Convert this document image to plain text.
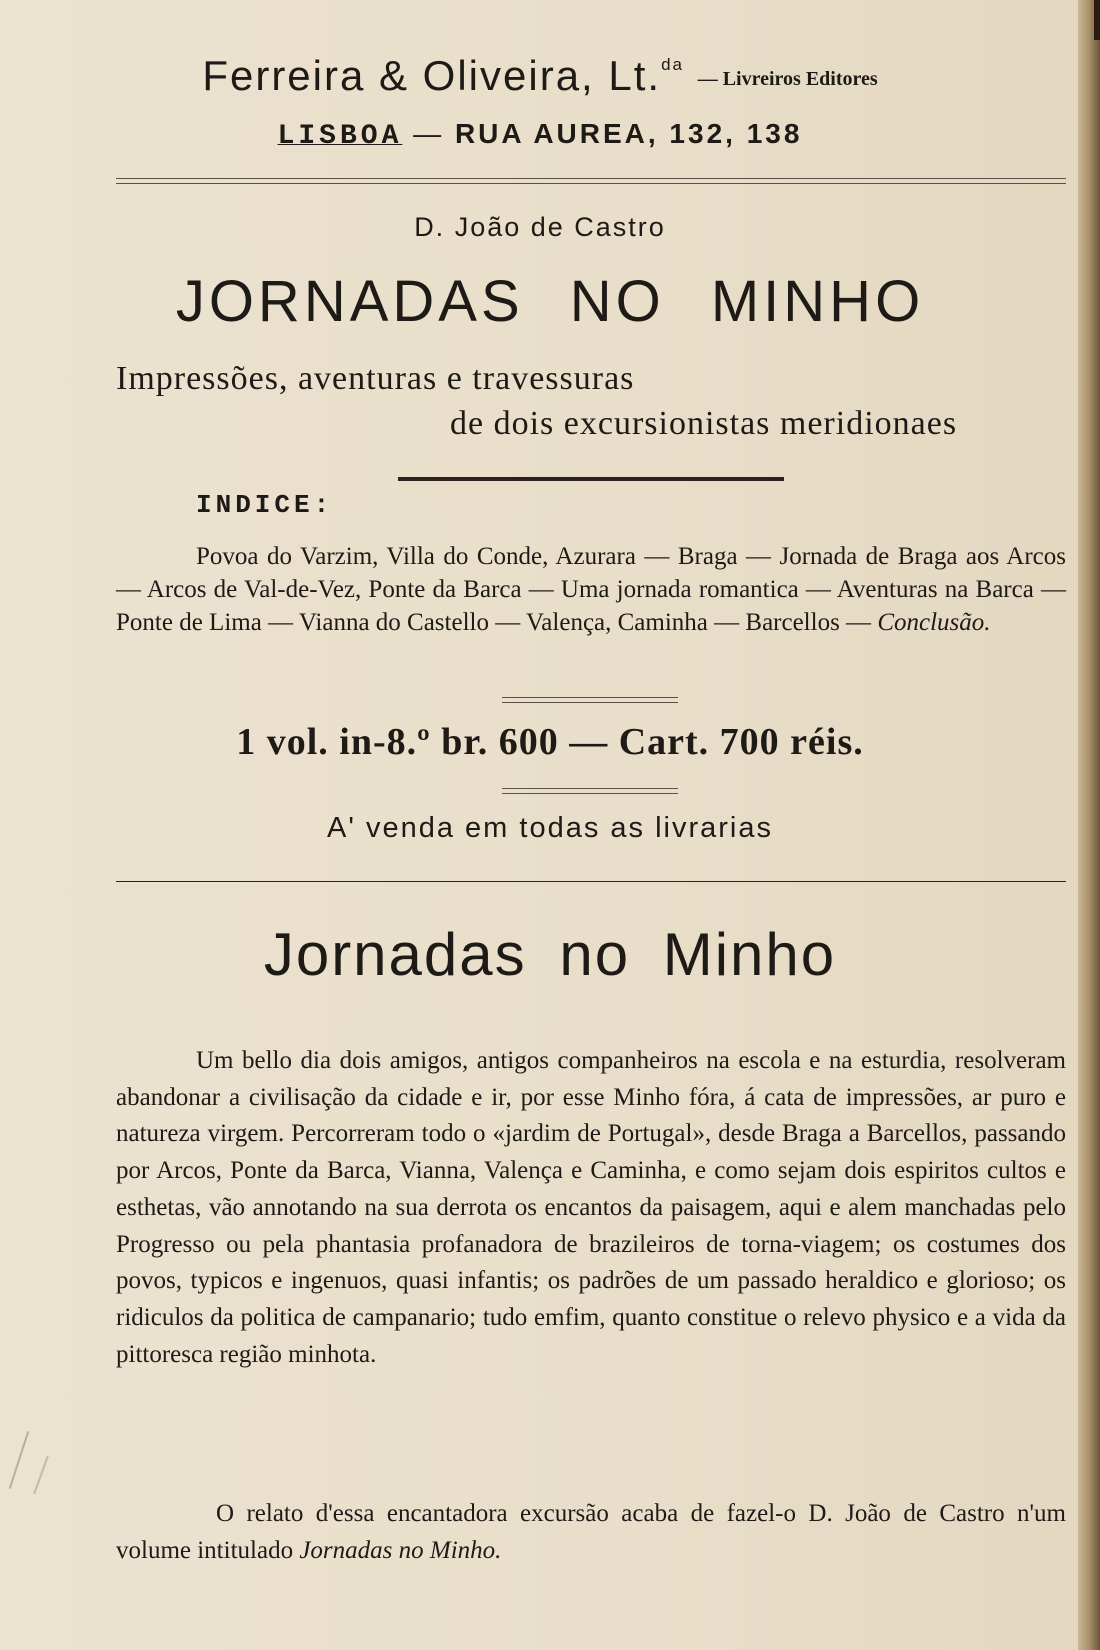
Ferreira & Oliveira, Lt.$^{da}$ — Livreiros Editores
LISBOA — RUA AUREA, 132, 138
D. João de Castro
JORNADAS NO MINHO
Impressões, aventuras e travessuras
de dois excursionistas meridionaes
INDICE:
Povoa do Varzim, Villa do Conde, Azurara — Braga — Jornada de Braga aos Arcos — Arcos de Val-de-Vez, Ponte da Barca — Uma jornada romantica — Aventuras na Barca — Ponte de Lima — Vianna do Castello — Valença, Caminha — Barcellos — Conclusão.
1 vol. in-8.º br. 600 — Cart. 700 réis.
A' venda em todas as livrarias
Jornadas no Minho
Um bello dia dois amigos, antigos companheiros na escola e na esturdia, resolveram abandonar a civilisação da cidade e ir, por esse Minho fóra, á cata de impressões, ar puro e natureza virgem. Percorreram todo o «jardim de Portugal», desde Braga a Barcellos, passando por Arcos, Ponte da Barca, Vianna, Valença e Caminha, e como sejam dois espiritos cultos e esthetas, vão annotando na sua derrota os encantos da paisagem, aqui e alem manchadas pelo Progresso ou pela phantasia profanadora de brazileiros de torna-viagem; os costumes dos povos, typicos e ingenuos, quasi infantis; os padrões de um passado heraldico e glorioso; os ridiculos da politica de campanario; tudo emfim, quanto constitue o relevo physico e a vida da pittoresca região minhota.
O relato d'essa encantadora excursão acaba de fazel-o D. João de Castro n'um volume intitulado Jornadas no Minho.
